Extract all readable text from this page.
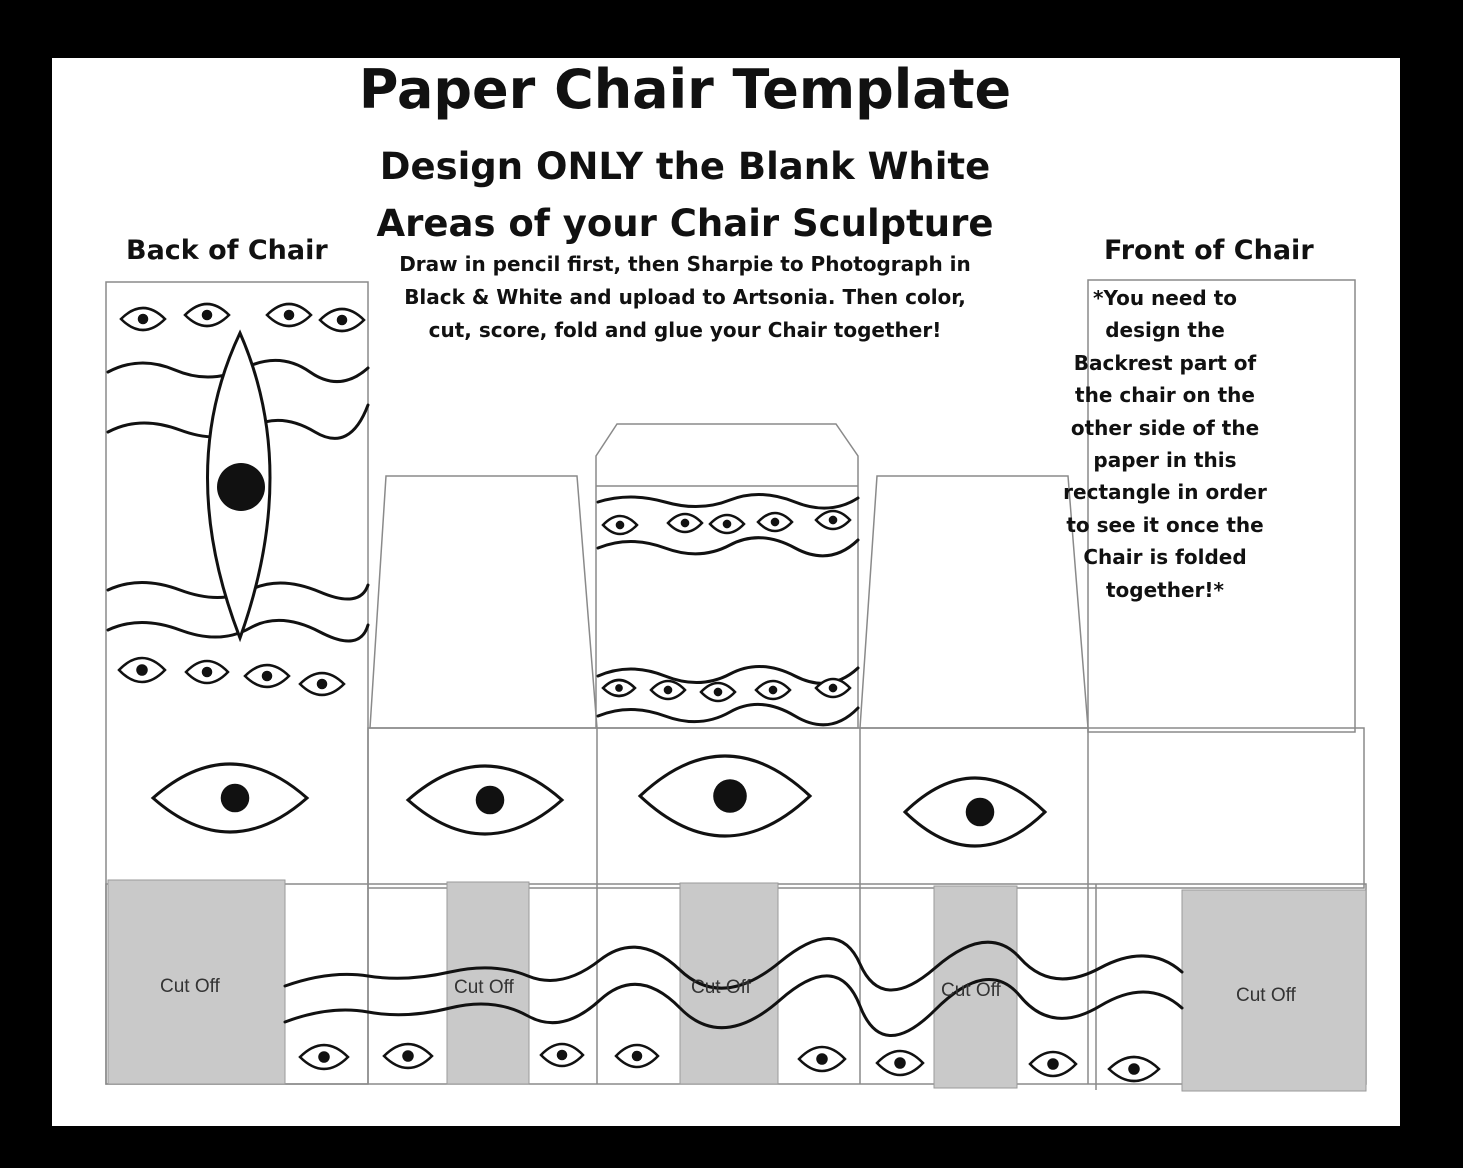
Paper Chair Template
Design ONLY the Blank White
Areas of your Chair Sculpture
Draw in pencil first, then Sharpie to Photograph in
Black & White and upload to Artsonia. Then color,
cut, score, fold and glue your Chair together!
Back of Chair	Front of Chair
*You need to
design the
Backrest part of
the chair on the
other side of the
paper in this
rectangle in order
to see it once the
Chair is folded
together!*
Cut Off	Cut Off	Cut Off	Cut Off	Cut Off
